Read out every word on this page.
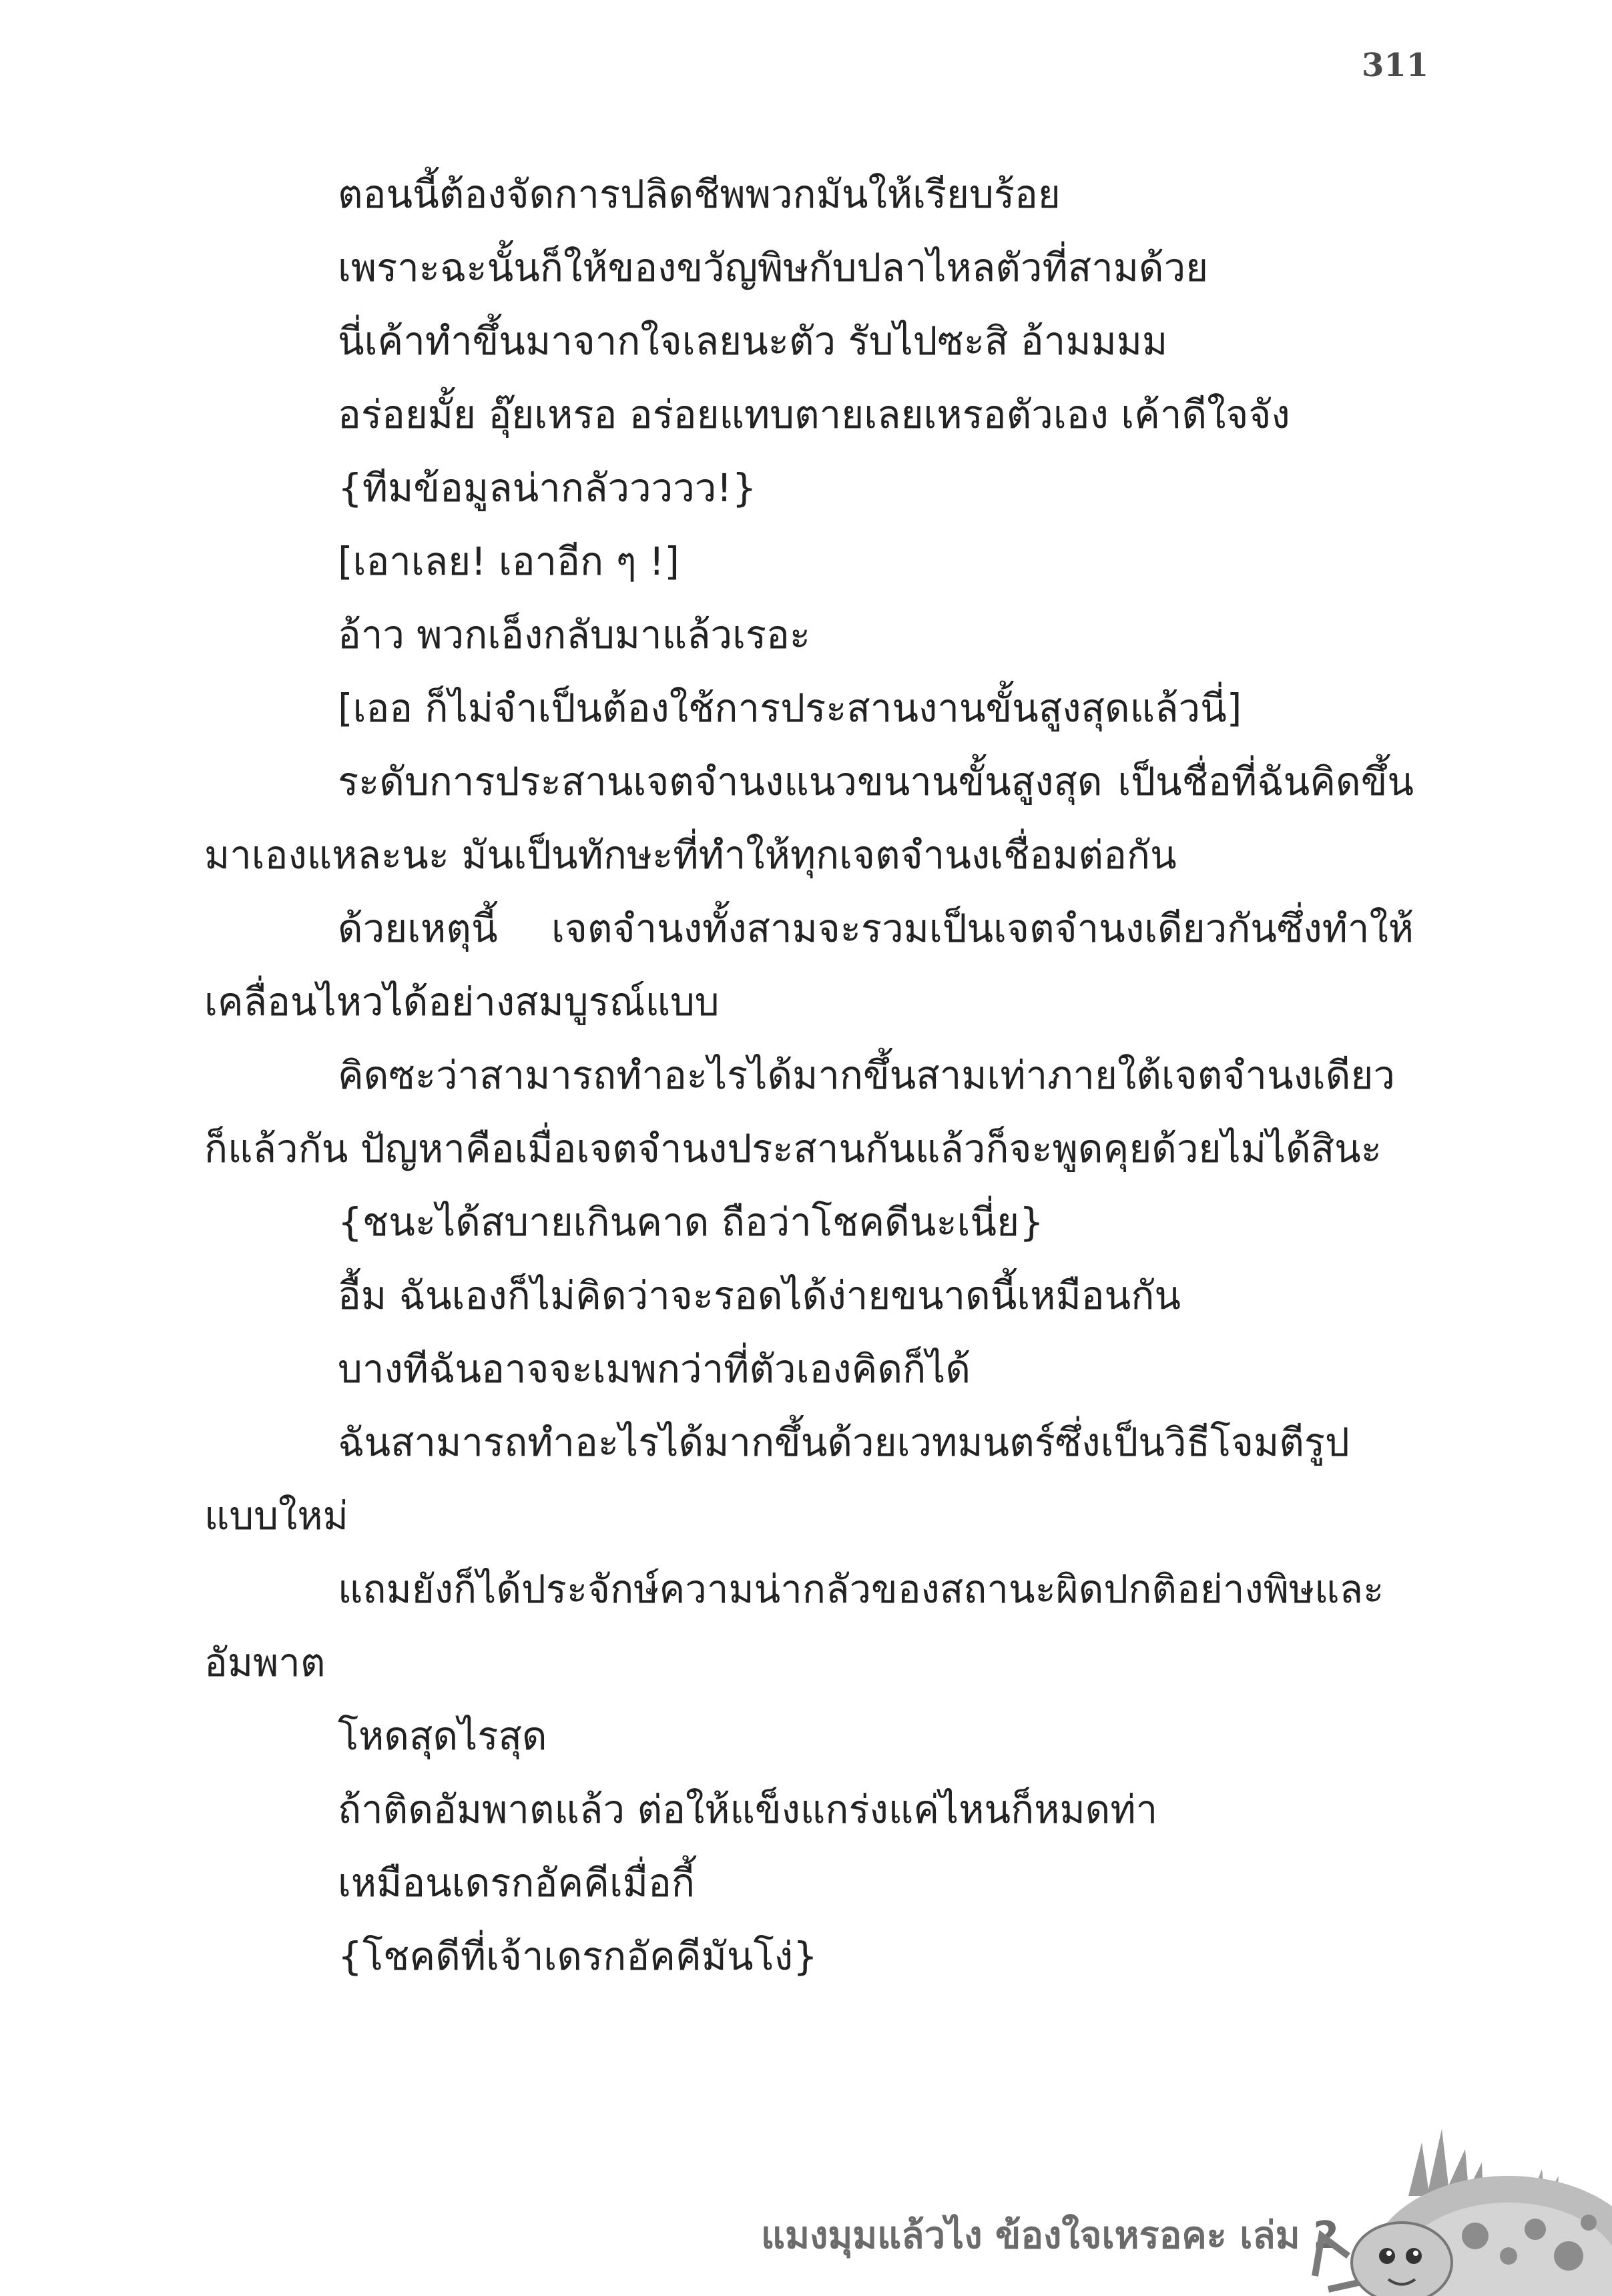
311

ตอนนี้ต้องจัดการปลิดชีพพวกมันให้เรียบร้อย

เพราะฉะนั้นก็ให้ของขวัญพิษกับปลาไหลตัวที่สามด้วย

นี่เค้าทำขึ้นมาจากใจเลยนะตัว รับไปซะสิ อ้ามมมม

อร่อยมั้ย อุ๊ยเหรอ อร่อยแทบตายเลยเหรอตัวเอง เค้าดีใจจัง

{ทีมข้อมูลน่ากลัววววว!}

[เอาเลย! เอาอีก ๆ !]

อ้าว พวกเอ็งกลับมาแล้วเรอะ

[เออ ก็ไม่จำเป็นต้องใช้การประสานงานขั้นสูงสุดแล้วนี่]

ระดับการประสานเจตจำนงแนวขนานขั้นสูงสุด เป็นชื่อที่ฉันคิดขึ้นมาเองแหละนะ มันเป็นทักษะที่ทำให้ทุกเจตจำนงเชื่อมต่อกัน

ด้วยเหตุนี้ เจตจำนงทั้งสามจะรวมเป็นเจตจำนงเดียวกันซึ่งทำให้เคลื่อนไหวได้อย่างสมบูรณ์แบบ

คิดซะว่าสามารถทำอะไรได้มากขึ้นสามเท่าภายใต้เจตจำนงเดียวก็แล้วกัน ปัญหาคือเมื่อเจตจำนงประสานกันแล้วก็จะพูดคุยด้วยไม่ได้สินะ

{ชนะได้สบายเกินคาด ถือว่าโชคดีนะเนี่ย}

อื้ม ฉันเองก็ไม่คิดว่าจะรอดได้ง่ายขนาดนี้เหมือนกัน

บางทีฉันอาจจะเมพกว่าที่ตัวเองคิดก็ได้

ฉันสามารถทำอะไรได้มากขึ้นด้วยเวทมนตร์ซึ่งเป็นวิธีโจมตีรูปแบบใหม่

แถมยังก็ได้ประจักษ์ความน่ากลัวของสถานะผิดปกติอย่างพิษและอัมพาต

โหดสุดไรสุด

ถ้าติดอัมพาตแล้ว ต่อให้แข็งแกร่งแค่ไหนก็หมดท่า

เหมือนเดรกอัคคีเมื่อกี้

{โชคดีที่เจ้าเดรกอัคคีมันโง่}

แมงมุมแล้วไง ข้องใจเหรอคะ เล่ม 2
